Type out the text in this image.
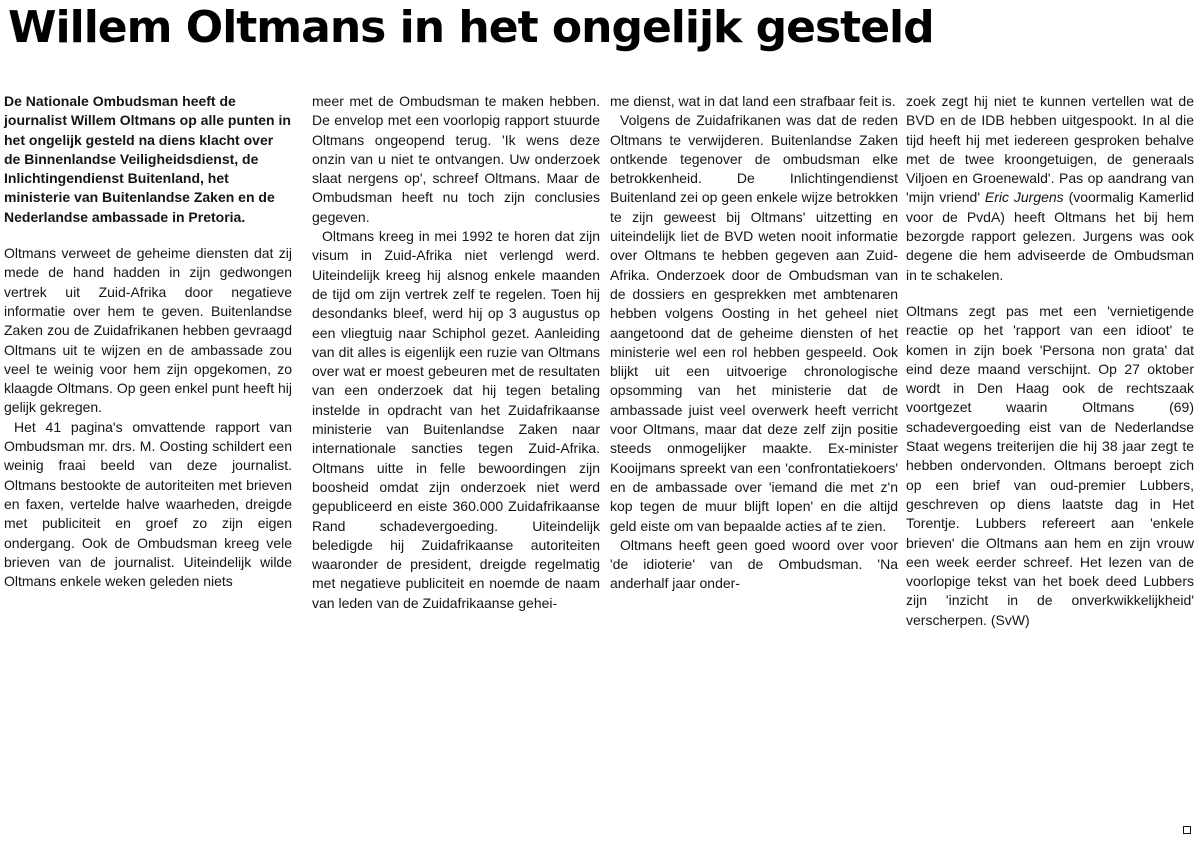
Willem Oltmans in het ongelijk gesteld

De Nationale Ombudsman heeft de journalist Willem Oltmans op alle punten in het ongelijk gesteld na diens klacht over de Binnenlandse Veiligheidsdienst, de Inlichtingendienst Buitenland, het ministerie van Buitenlandse Zaken en de Nederlandse ambassade in Pretoria.

Oltmans verweet de geheime diensten dat zij mede de hand hadden in zijn gedwongen vertrek uit Zuid-Afrika door negatieve informatie over hem te geven. Buitenlandse Zaken zou de Zuidafrikanen hebben gevraagd Oltmans uit te wijzen en de ambassade zou veel te weinig voor hem zijn opgekomen, zo klaagde Oltmans. Op geen enkel punt heeft hij gelijk gekregen.

Het 41 pagina's omvattende rapport van Ombudsman mr. drs. M. Oosting schildert een weinig fraai beeld van deze journalist. Oltmans bestookte de autoriteiten met brieven en faxen, vertelde halve waarheden, dreigde met publiciteit en groef zo zijn eigen ondergang. Ook de Ombudsman kreeg vele brieven van de journalist. Uiteindelijk wilde Oltmans enkele weken geleden niets

meer met de Ombudsman te maken hebben. De envelop met een voorlopig rapport stuurde Oltmans ongeopend terug. 'Ik wens deze onzin van u niet te ontvangen. Uw onderzoek slaat nergens op', schreef Oltmans. Maar de Ombudsman heeft nu toch zijn conclusies gegeven.

Oltmans kreeg in mei 1992 te horen dat zijn visum in Zuid-Afrika niet verlengd werd. Uiteindelijk kreeg hij alsnog enkele maanden de tijd om zijn vertrek zelf te regelen. Toen hij desondanks bleef, werd hij op 3 augustus op een vliegtuig naar Schiphol gezet. Aanleiding van dit alles is eigenlijk een ruzie van Oltmans over wat er moest gebeuren met de resultaten van een onderzoek dat hij tegen betaling instelde in opdracht van het Zuidafrikaanse ministerie van Buitenlandse Zaken naar internationale sancties tegen Zuid-Afrika. Oltmans uitte in felle bewoordingen zijn boosheid omdat zijn onderzoek niet werd gepubliceerd en eiste 360.000 Zuidafrikaanse Rand schadevergoeding. Uiteindelijk beledigde hij Zuidafrikaanse autoriteiten waaronder de president, dreigde regelmatig met negatieve publiciteit en noemde de naam van leden van de Zuidafrikaanse gehei-

me dienst, wat in dat land een strafbaar feit is.

Volgens de Zuidafrikanen was dat de reden Oltmans te verwijderen. Buitenlandse Zaken ontkende tegenover de ombudsman elke betrokkenheid. De Inlichtingendienst Buitenland zei op geen enkele wijze betrokken te zijn geweest bij Oltmans' uitzetting en uiteindelijk liet de BVD weten nooit informatie over Oltmans te hebben gegeven aan Zuid-Afrika. Onderzoek door de Ombudsman van de dossiers en gesprekken met ambtenaren hebben volgens Oosting in het geheel niet aangetoond dat de geheime diensten of het ministerie wel een rol hebben gespeeld. Ook blijkt uit een uitvoerige chronologische opsomming van het ministerie dat de ambassade juist veel overwerk heeft verricht voor Oltmans, maar dat deze zelf zijn positie steeds onmogelijker maakte. Ex-minister Kooijmans spreekt van een 'confrontatiekoers' en de ambassade over 'iemand die met z'n kop tegen de muur blijft lopen' en die altijd geld eiste om van bepaalde acties af te zien.

Oltmans heeft geen goed woord over voor 'de idioterie' van de Ombudsman. 'Na anderhalf jaar onder-

zoek zegt hij niet te kunnen vertellen wat de BVD en de IDB hebben uitgespookt. In al die tijd heeft hij met iedereen gesproken behalve met de twee kroongetuigen, de generaals Viljoen en Groenewald'. Pas op aandrang van 'mijn vriend' Eric Jurgens (voormalig Kamerlid voor de PvdA) heeft Oltmans het bij hem bezorgde rapport gelezen. Jurgens was ook degene die hem adviseerde de Ombudsman in te schakelen.

Oltmans zegt pas met een 'vernietigende reactie op het 'rapport van een idioot' te komen in zijn boek 'Persona non grata' dat eind deze maand verschijnt. Op 27 oktober wordt in Den Haag ook de rechtszaak voortgezet waarin Oltmans (69) schadevergoeding eist van de Nederlandse Staat wegens treiterijen die hij 38 jaar zegt te hebben ondervonden. Oltmans beroept zich op een brief van oud-premier Lubbers, geschreven op diens laatste dag in Het Torentje. Lubbers refereert aan 'enkele brieven' die Oltmans aan hem en zijn vrouw een week eerder schreef. Het lezen van de voorlopige tekst van het boek deed Lubbers zijn 'inzicht in de onverkwikkelijkheid' verscherpen. (SvW)
